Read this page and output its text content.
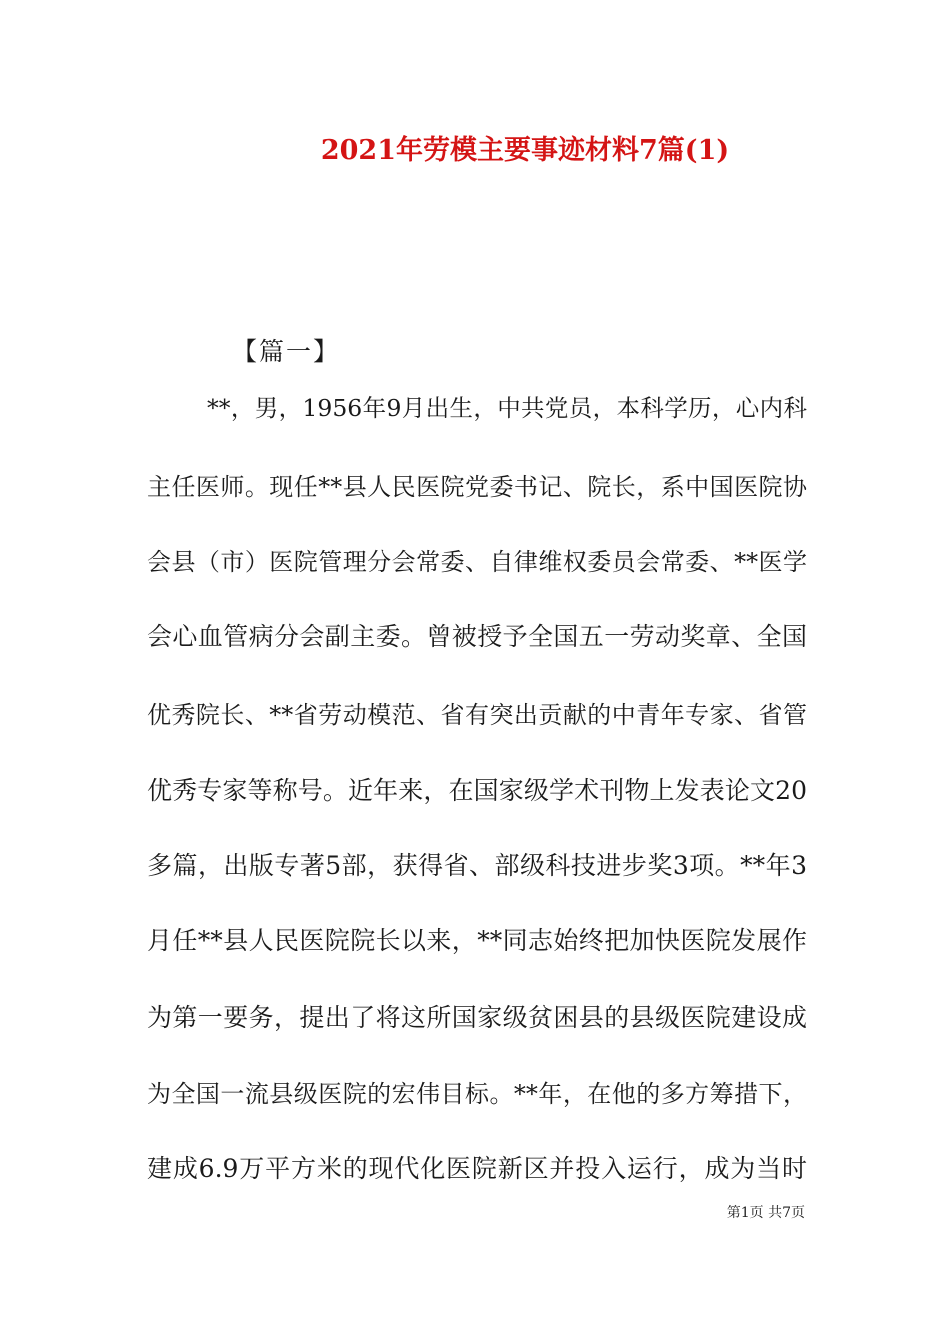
2021年劳模主要事迹材料7篇(1)
【篇一】
**，男，1956年9月出生，中共党员，本科学历，心内科
主任医师。现任**县人民医院党委书记、院长，系中国医院协
会县（市）医院管理分会常委、自律维权委员会常委、**医学
会心血管病分会副主委。曾被授予全国五一劳动奖章、全国
优秀院长、**省劳动模范、省有突出贡献的中青年专家、省管
优秀专家等称号。近年来，在国家级学术刊物上发表论文20
多篇，出版专著5部，获得省、部级科技进步奖3项。**年3
月任**县人民医院院长以来，**同志始终把加快医院发展作
为第一要务，提出了将这所国家级贫困县的县级医院建设成
为全国一流县级医院的宏伟目标。**年，在他的多方筹措下，
建成6.9万平方米的现代化医院新区并投入运行，成为当时
第1页 共7页
